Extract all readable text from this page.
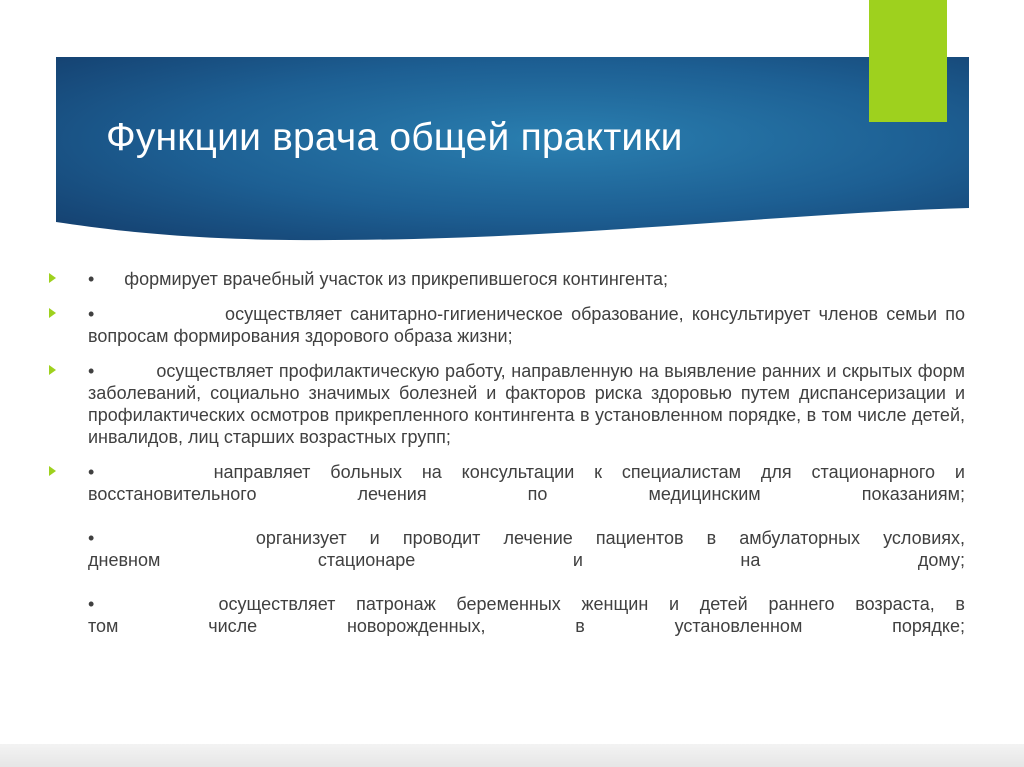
Функции врача общей практики
•      формирует врачебный участок из прикрепившегося контингента;
•                осуществляет санитарно-гигиеническое образование, консультирует членов семьи по вопросам формирования здорового образа жизни;
•           осуществляет профилактическую работу, направленную на выявление ранних и скрытых форм заболеваний, социально значимых болезней и факторов риска здоровью путем диспансеризации и профилактических осмотров прикрепленного контингента в установленном порядке, в том числе детей, инвалидов, лиц старших возрастных групп;
•      направляет больных на консультации к специалистам для стационарного и
восстановительного лечения по медицинским показаниям;
•       организует и проводит лечение пациентов в амбулаторных условиях,
дневном стационаре и на дому;
•      осуществляет патронаж беременных женщин и детей раннего возраста, в
том числе новорожденных, в установленном порядке;
